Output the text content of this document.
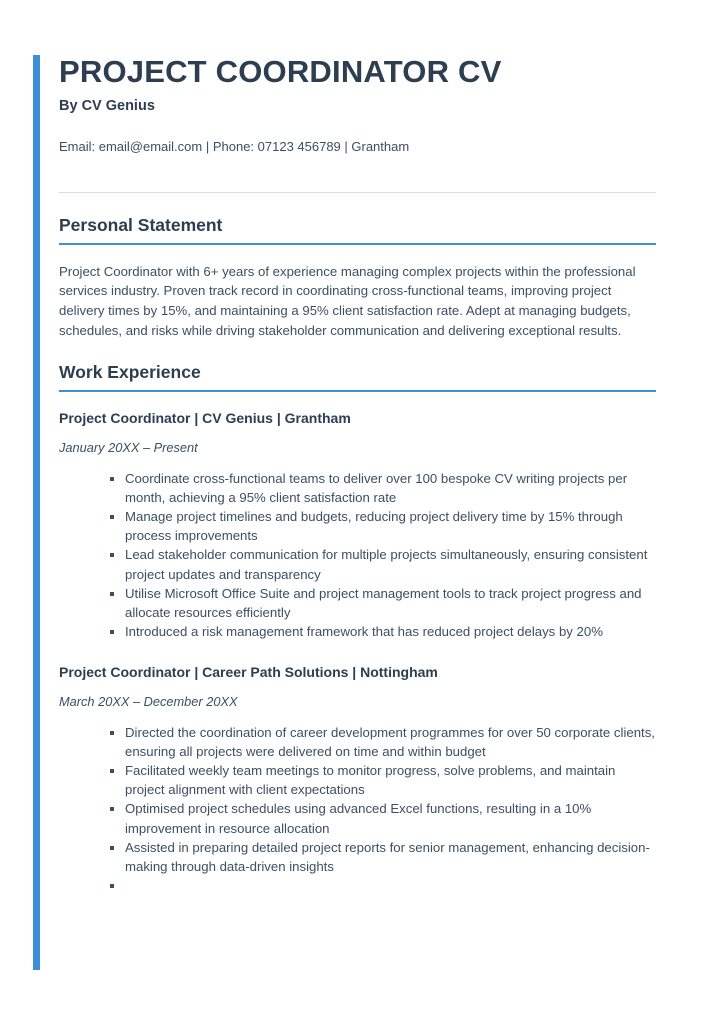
PROJECT COORDINATOR CV
By CV Genius
Email: email@email.com | Phone: 07123 456789 | Grantham
Personal Statement

Project Coordinator with 6+ years of experience managing complex projects within the professional services industry. Proven track record in coordinating cross-functional teams, improving project delivery times by 15%, and maintaining a 95% client satisfaction rate. Adept at managing budgets, schedules, and risks while driving stakeholder communication and delivering exceptional results.

Work Experience
Project Coordinator | CV Genius | Grantham
January 20XX – Present
Coordinate cross-functional teams to deliver over 100 bespoke CV writing projects per month, achieving a 95% client satisfaction rate
Manage project timelines and budgets, reducing project delivery time by 15% through process improvements
Lead stakeholder communication for multiple projects simultaneously, ensuring consistent project updates and transparency
Utilise Microsoft Office Suite and project management tools to track project progress and allocate resources efficiently
Introduced a risk management framework that has reduced project delays by 20%
Project Coordinator | Career Path Solutions | Nottingham
March 20XX – December 20XX
Directed the coordination of career development programmes for over 50 corporate clients, ensuring all projects were delivered on time and within budget
Facilitated weekly team meetings to monitor progress, solve problems, and maintain project alignment with client expectations
Optimised project schedules using advanced Excel functions, resulting in a 10% improvement in resource allocation
Assisted in preparing detailed project reports for senior management, enhancing decision-making through data-driven insights
